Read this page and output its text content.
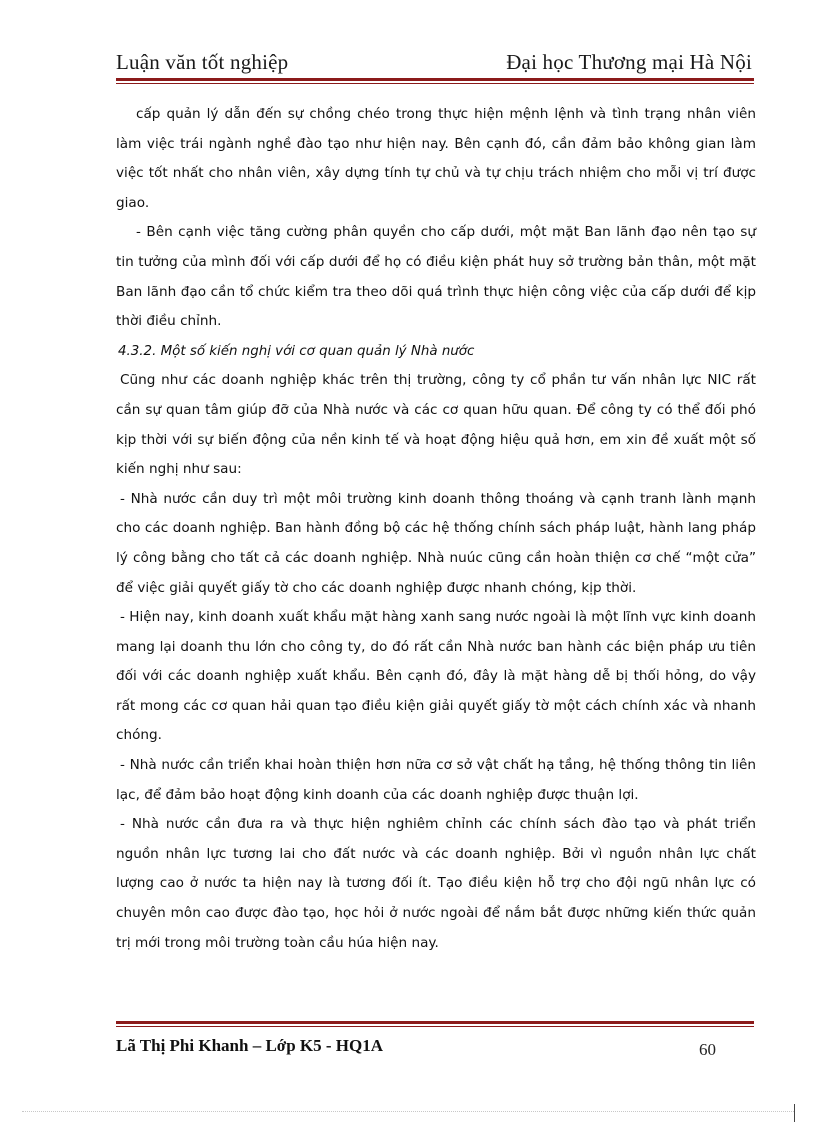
Luận văn tốt nghiệp	Đại học Thương mại Hà Nội

cấp quản lý dẫn đến sự chồng chéo trong thực hiện mệnh lệnh và tình trạng nhân viên làm việc trái ngành nghề đào tạo như hiện nay. Bên cạnh đó, cần đảm bảo không gian làm việc tốt nhất cho nhân viên, xây dựng tính tự chủ và tự chịu trách nhiệm cho mỗi vị trí được giao.

- Bên cạnh việc tăng cường phân quyền cho cấp dưới, một mặt Ban lãnh đạo nên tạo sự tin tưởng của mình đối với cấp dưới để họ có điều kiện phát huy sở trường bản thân, một mặt Ban lãnh đạo cần tổ chức kiểm tra theo dõi quá trình thực hiện công việc của cấp dưới để kịp thời điều chỉnh.

4.3.2. Một số kiến nghị với cơ quan quản lý Nhà nước

Cũng như các doanh nghiệp khác trên thị trường, công ty cổ phần tư vấn nhân lực NIC rất cần sự quan tâm giúp đỡ của Nhà nước và các cơ quan hữu quan. Để công ty có thể đối phó kịp thời với sự biến động của nền kinh tế và hoạt động hiệu quả hơn, em xin đề xuất một số kiến nghị như sau:

- Nhà nước cần duy trì một môi trường kinh doanh thông thoáng và cạnh tranh lành mạnh cho các doanh nghiệp. Ban hành đồng bộ các hệ thống chính sách pháp luật, hành lang pháp lý công bằng cho tất cả các doanh nghiệp. Nhà nuúc cũng cần hoàn thiện cơ chế “một cửa” để việc giải quyết giấy tờ cho các doanh nghiệp được nhanh chóng, kịp thời.

- Hiện nay, kinh doanh xuất khẩu mặt hàng xanh sang nước ngoài là một lĩnh vực kinh doanh mang lại doanh thu lớn cho công ty, do đó rất cần Nhà nước ban hành các biện pháp ưu tiên đối với các doanh nghiệp xuất khẩu. Bên cạnh đó, đây là mặt hàng dễ bị thối hỏng, do vậy rất mong các cơ quan hải quan tạo điều kiện giải quyết giấy tờ một cách chính xác và nhanh chóng.

- Nhà nước cần triển khai hoàn thiện hơn nữa cơ sở vật chất hạ tầng, hệ thống thông tin liên lạc, để đảm bảo hoạt động kinh doanh của các doanh nghiệp được thuận lợi.

- Nhà nước cần đưa ra và thực hiện nghiêm chỉnh các chính sách đào tạo và phát triển nguồn nhân lực tương lai cho đất nước và các doanh nghiệp. Bởi vì nguồn nhân lực chất lượng cao ở nước ta hiện nay là tương đối ít. Tạo điều kiện hỗ trợ cho đội ngũ nhân lực có chuyên môn cao được đào tạo, học hỏi ở nước ngoài để nắm bắt được những kiến thức quản trị mới trong môi trường toàn cầu húa hiện nay.

Lã Thị Phi Khanh – Lớp K5 - HQ1A	60
